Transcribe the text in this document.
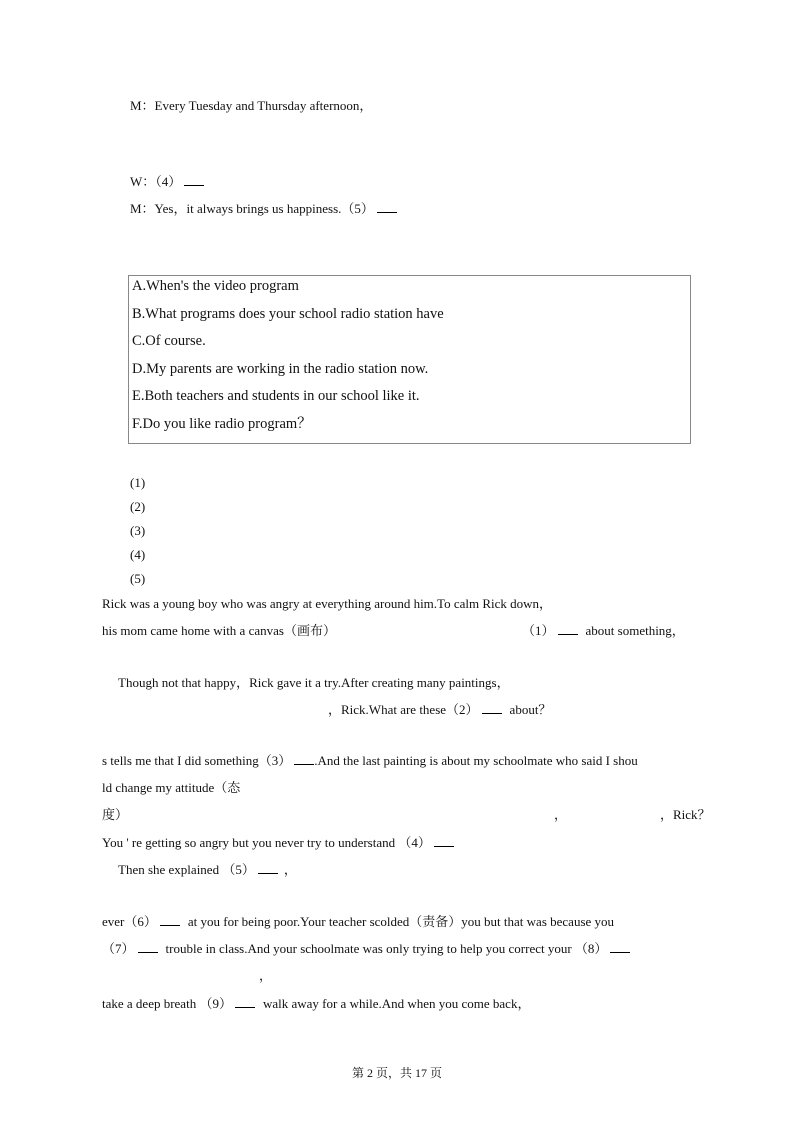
M：Every Tuesday and Thursday afternoon，
W：（4）
M：Yes，it always brings us happiness.（5）
A.When's the video program
B.What programs does your school radio station have
C.Of course.
D.My parents are working in the radio station now.
E.Both teachers and students in our school like it.
F.Do you like radio program？
(1)
(2)
(3)
(4)
(5)
Rick was a young boy who was angry at everything around him.To calm Rick down，
his mom came home with a canvas（画布）	（1） about something，
Though not that happy，Rick gave it a try.After creating many paintings，
，Rick.What are these（2） about？
s tells me that I did something（3） .And the last painting is about my schoolmate who said I shou
ld change my attitude（态
度）	，	，Rick？
You ' re getting so angry but you never try to understand （4）
Then she explained （5） ，
ever（6） at you for being poor.Your teacher scolded（责备）you but that was because you
（7） trouble in class.And your schoolmate was only trying to help you correct your （8）
，
take a deep breath （9） walk away for a while.And when you come back，
第 2 页，共 17 页
